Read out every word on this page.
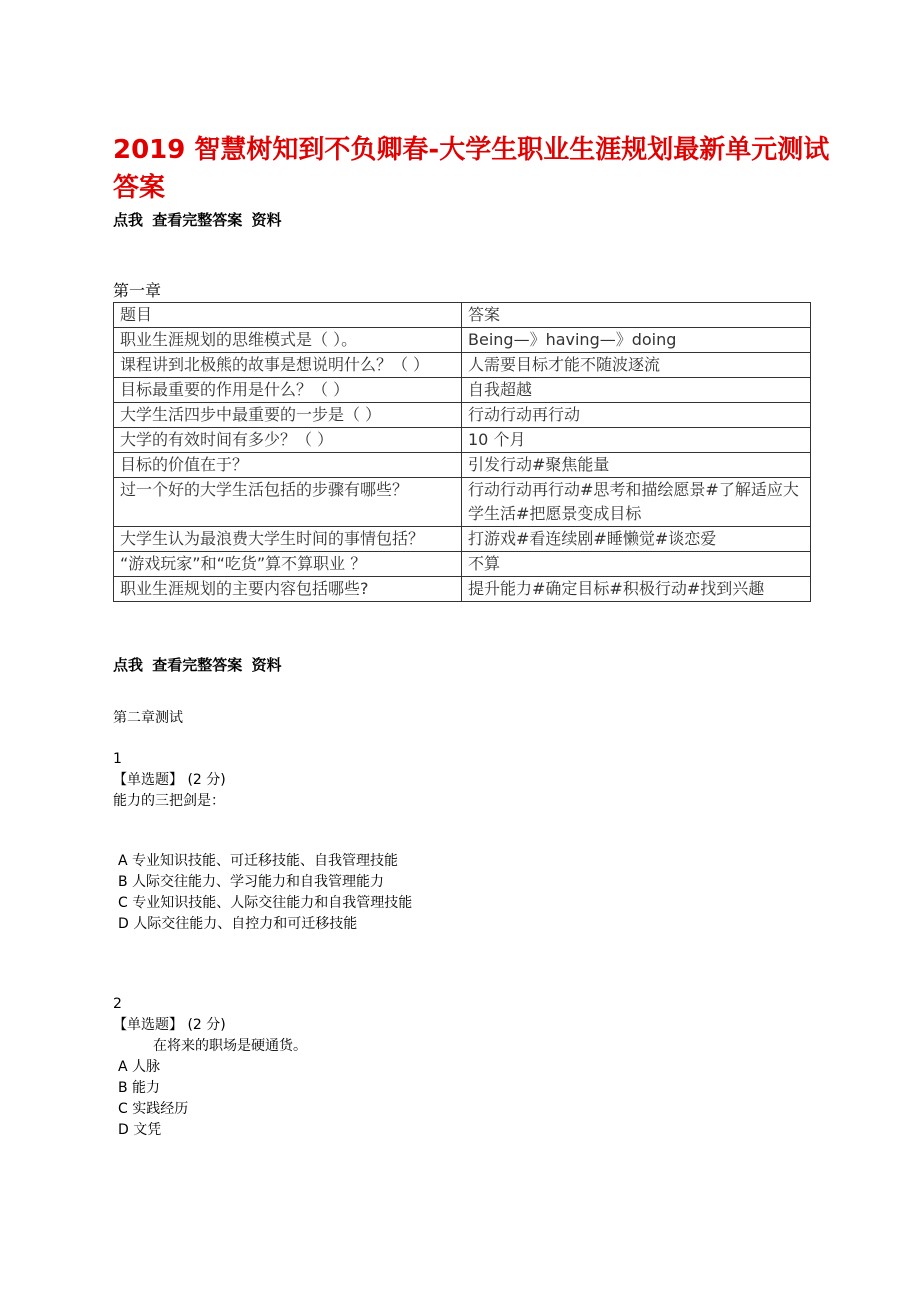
2019 智慧树知到不负卿春-大学生职业生涯规划最新单元测试答案
点我 查看完整答案 资料
第一章
题目	答案
职业生涯规划的思维模式是（ ）。	Being—》having—》doing
课程讲到北极熊的故事是想说明什么？（ ）	人需要目标才能不随波逐流
目标最重要的作用是什么？（ ）	自我超越
大学生活四步中最重要的一步是（ ）	行动行动再行动
大学的有效时间有多少？（ ）	10 个月
目标的价值在于？	引发行动#聚焦能量
过一个好的大学生活包括的步骤有哪些？	行动行动再行动#思考和描绘愿景#了解适应大学生活#把愿景变成目标
大学生认为最浪费大学生时间的事情包括？	打游戏#看连续剧#睡懒觉#谈恋爱
“游戏玩家”和“吃货”算不算职业 ？	不算
职业生涯规划的主要内容包括哪些?	提升能力#确定目标#积极行动#找到兴趣
点我 查看完整答案 资料
第二章测试
1
【单选题】 (2 分)
能力的三把剑是：
A 专业知识技能、可迁移技能、自我管理技能
B 人际交往能力、学习能力和自我管理能力
C 专业知识技能、人际交往能力和自我管理技能
D 人际交往能力、自控力和可迁移技能
2
【单选题】 (2 分)
在将来的职场是硬通货。
A 人脉
B 能力
C 实践经历
D 文凭
